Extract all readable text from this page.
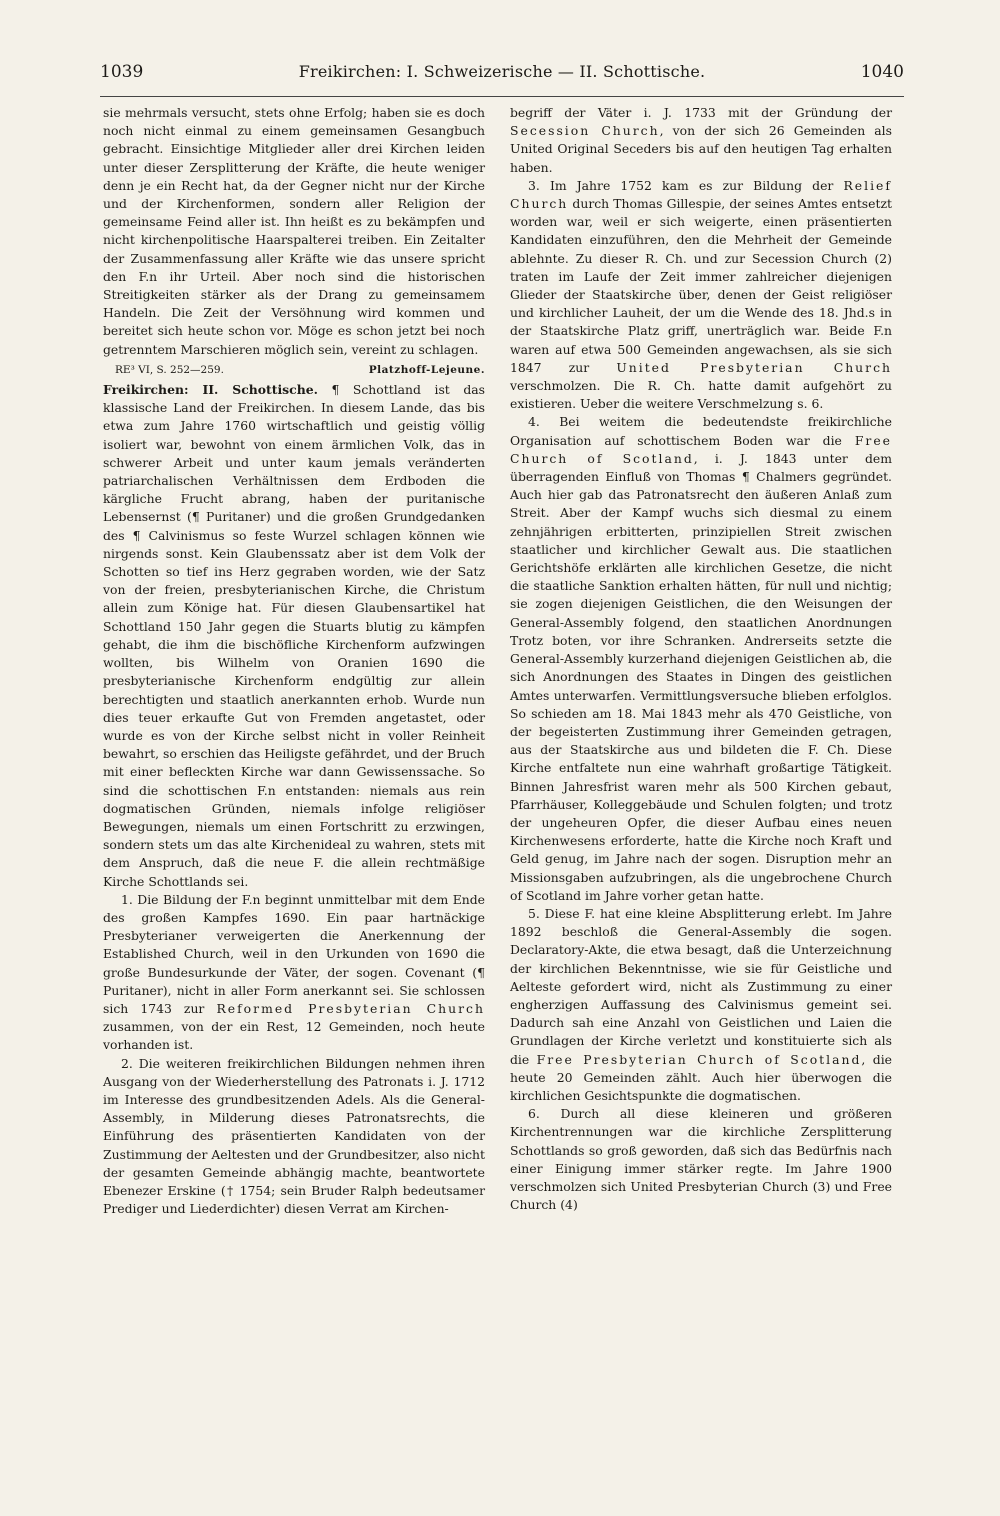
1039	Freikirchen: I. Schweizerische — II. Schottische.	1040

sie mehrmals versucht, stets ohne Erfolg; haben sie es doch noch nicht einmal zu einem gemeinsamen Gesangbuch gebracht. Einsichtige Mitglieder aller drei Kirchen leiden unter dieser Zersplitterung der Kräfte, die heute weniger denn je ein Recht hat, da der Gegner nicht nur der Kirche und der Kirchenformen, sondern aller Religion der gemeinsame Feind aller ist. Ihn heißt es zu bekämpfen und nicht kirchenpolitische Haarspalterei treiben. Ein Zeitalter der Zusammenfassung aller Kräfte wie das unsere spricht den F.n ihr Urteil. Aber noch sind die historischen Streitigkeiten stärker als der Drang zu gemeinsamem Handeln. Die Zeit der Versöhnung wird kommen und bereitet sich heute schon vor. Möge es schon jetzt bei noch getrenntem Marschieren möglich sein, vereint zu schlagen.

RE³ VI, S. 252—259.	Platzhoff-Lejeune.

Freikirchen: II. Schottische. ¶ Schottland ist das klassische Land der Freikirchen. In diesem Lande, das bis etwa zum Jahre 1760 wirtschaftlich und geistig völlig isoliert war, bewohnt von einem ärmlichen Volk, das in schwerer Arbeit und unter kaum jemals veränderten patriarchalischen Verhältnissen dem Erdboden die kärgliche Frucht abrang, haben der puritanische Lebensernst (¶ Puritaner) und die großen Grundgedanken des ¶ Calvinismus so feste Wurzel schlagen können wie nirgends sonst. Kein Glaubenssatz aber ist dem Volk der Schotten so tief ins Herz gegraben worden, wie der Satz von der freien, presbyterianischen Kirche, die Christum allein zum Könige hat. Für diesen Glaubensartikel hat Schottland 150 Jahr gegen die Stuarts blutig zu kämpfen gehabt, die ihm die bischöfliche Kirchenform aufzwingen wollten, bis Wilhelm von Oranien 1690 die presbyterianische Kirchenform endgültig zur allein berechtigten und staatlich anerkannten erhob. Wurde nun dies teuer erkaufte Gut von Fremden angetastet, oder wurde es von der Kirche selbst nicht in voller Reinheit bewahrt, so erschien das Heiligste gefährdet, und der Bruch mit einer befleckten Kirche war dann Gewissenssache. So sind die schottischen F.n entstanden: niemals aus rein dogmatischen Gründen, niemals infolge religiöser Bewegungen, niemals um einen Fortschritt zu erzwingen, sondern stets um das alte Kirchenideal zu wahren, stets mit dem Anspruch, daß die neue F. die allein rechtmäßige Kirche Schottlands sei.

1. Die Bildung der F.n beginnt unmittelbar mit dem Ende des großen Kampfes 1690. Ein paar hartnäckige Presbyterianer verweigerten die Anerkennung der Established Church, weil in den Urkunden von 1690 die große Bundesurkunde der Väter, der sogen. Covenant (¶ Puritaner), nicht in aller Form anerkannt sei. Sie schlossen sich 1743 zur Reformed Presbyterian Church zusammen, von der ein Rest, 12 Gemeinden, noch heute vorhanden ist.

2. Die weiteren freikirchlichen Bildungen nehmen ihren Ausgang von der Wiederherstellung des Patronats i. J. 1712 im Interesse des grundbesitzenden Adels. Als die General-Assembly, in Milderung dieses Patronatsrechts, die Einführung des präsentierten Kandidaten von der Zustimmung der Aeltesten und der Grundbesitzer, also nicht der gesamten Gemeinde abhängig machte, beantwortete Ebenezer Erskine († 1754; sein Bruder Ralph bedeutsamer Prediger und Liederdichter) diesen Verrat am Kirchen-

begriff der Väter i. J. 1733 mit der Gründung der Secession Church, von der sich 26 Gemeinden als United Original Seceders bis auf den heutigen Tag erhalten haben.

3. Im Jahre 1752 kam es zur Bildung der Relief Church durch Thomas Gillespie, der seines Amtes entsetzt worden war, weil er sich weigerte, einen präsentierten Kandidaten einzuführen, den die Mehrheit der Gemeinde ablehnte. Zu dieser R. Ch. und zur Secession Church (2) traten im Laufe der Zeit immer zahlreicher diejenigen Glieder der Staatskirche über, denen der Geist religiöser und kirchlicher Lauheit, der um die Wende des 18. Jhd.s in der Staatskirche Platz griff, unerträglich war. Beide F.n waren auf etwa 500 Gemeinden angewachsen, als sie sich 1847 zur United Presbyterian Church verschmolzen. Die R. Ch. hatte damit aufgehört zu existieren. Ueber die weitere Verschmelzung s. 6.

4. Bei weitem die bedeutendste freikirchliche Organisation auf schottischem Boden war die Free Church of Scotland, i. J. 1843 unter dem überragenden Einfluß von Thomas ¶ Chalmers gegründet. Auch hier gab das Patronatsrecht den äußeren Anlaß zum Streit. Aber der Kampf wuchs sich diesmal zu einem zehnjährigen erbitterten, prinzipiellen Streit zwischen staatlicher und kirchlicher Gewalt aus. Die staatlichen Gerichtshöfe erklärten alle kirchlichen Gesetze, die nicht die staatliche Sanktion erhalten hätten, für null und nichtig; sie zogen diejenigen Geistlichen, die den Weisungen der General-Assembly folgend, den staatlichen Anordnungen Trotz boten, vor ihre Schranken. Andrerseits setzte die General-Assembly kurzerhand diejenigen Geistlichen ab, die sich Anordnungen des Staates in Dingen des geistlichen Amtes unterwarfen. Vermittlungsversuche blieben erfolglos. So schieden am 18. Mai 1843 mehr als 470 Geistliche, von der begeisterten Zustimmung ihrer Gemeinden getragen, aus der Staatskirche aus und bildeten die F. Ch. Diese Kirche entfaltete nun eine wahrhaft großartige Tätigkeit. Binnen Jahresfrist waren mehr als 500 Kirchen gebaut, Pfarrhäuser, Kolleggebäude und Schulen folgten; und trotz der ungeheuren Opfer, die dieser Aufbau eines neuen Kirchenwesens erforderte, hatte die Kirche noch Kraft und Geld genug, im Jahre nach der sogen. Disruption mehr an Missionsgaben aufzubringen, als die ungebrochene Church of Scotland im Jahre vorher getan hatte.

5. Diese F. hat eine kleine Absplitterung erlebt. Im Jahre 1892 beschloß die General-Assembly die sogen. Declaratory-Akte, die etwa besagt, daß die Unterzeichnung der kirchlichen Bekenntnisse, wie sie für Geistliche und Aelteste gefordert wird, nicht als Zustimmung zu einer engherzigen Auffassung des Calvinismus gemeint sei. Dadurch sah eine Anzahl von Geistlichen und Laien die Grundlagen der Kirche verletzt und konstituierte sich als die Free Presbyterian Church of Scotland, die heute 20 Gemeinden zählt. Auch hier überwogen die kirchlichen Gesichtspunkte die dogmatischen.

6. Durch all diese kleineren und größeren Kirchentrennungen war die kirchliche Zersplitterung Schottlands so groß geworden, daß sich das Bedürfnis nach einer Einigung immer stärker regte. Im Jahre 1900 verschmolzen sich United Presbyterian Church (3) und Free Church (4)
